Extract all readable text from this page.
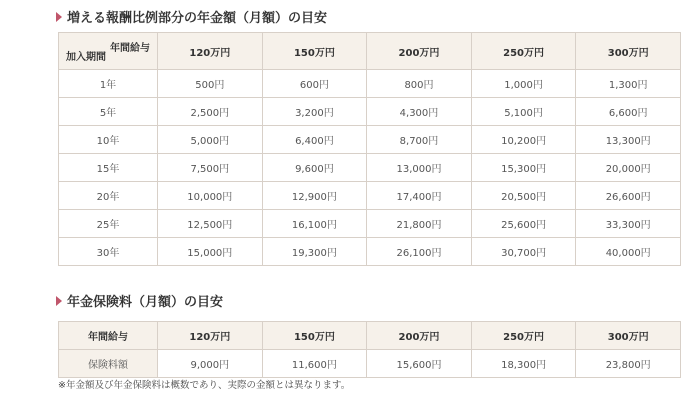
増える報酬比例部分の年金額（月額）の目安
年間給与
加入期間	120万円	150万円	200万円	250万円	300万円
1年	500円	600円	800円	1,000円	1,300円
5年	2,500円	3,200円	4,300円	5,100円	6,600円
10年	5,000円	6,400円	8,700円	10,200円	13,300円
15年	7,500円	9,600円	13,000円	15,300円	20,000円
20年	10,000円	12,900円	17,400円	20,500円	26,600円
25年	12,500円	16,100円	21,800円	25,600円	33,300円
30年	15,000円	19,300円	26,100円	30,700円	40,000円
年金保険料（月額）の目安
年間給与	120万円	150万円	200万円	250万円	300万円
保険料額	9,000円	11,600円	15,600円	18,300円	23,800円
※年金額及び年金保険料は概数であり、実際の金額とは異なります。
